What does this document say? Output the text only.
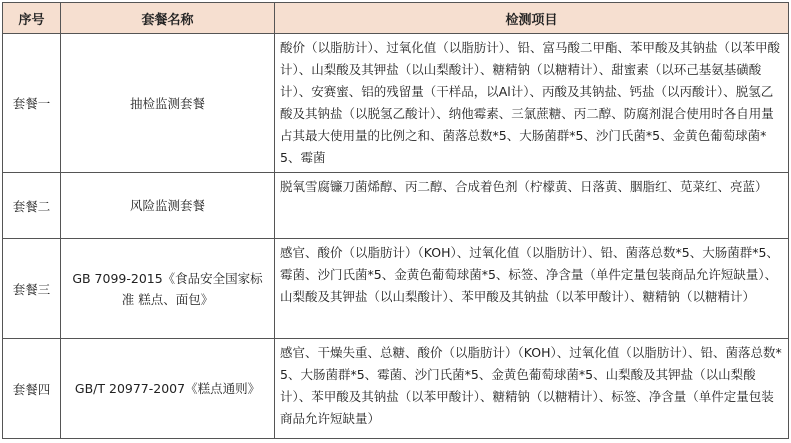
序号	套餐名称	检测项目
套餐一	抽检监测套餐	酸价（以脂肪计）、过氧化值（以脂肪计）、铅、富马酸二甲酯、苯甲酸及其钠盐（以苯甲酸计）、山梨酸及其钾盐（以山梨酸计）、糖精钠（以糖精计）、甜蜜素（以环己基氨基磺酸计）、安赛蜜、铝的残留量（干样品，以Al计）、丙酸及其钠盐、钙盐（以丙酸计）、脱氢乙酸及其钠盐（以脱氢乙酸计）、纳他霉素、三氯蔗糖、丙二醇、防腐剂混合使用时各自用量占其最大使用量的比例之和、菌落总数*5、大肠菌群*5、沙门氏菌*5、金黄色葡萄球菌*5、霉菌
套餐二	风险监测套餐	脱氧雪腐镰刀菌烯醇、丙二醇、合成着色剂（柠檬黄、日落黄、胭脂红、苋菜红、亮蓝）
套餐三	GB 7099-2015《食品安全国家标准 糕点、面包》	感官、酸价（以脂肪计）（KOH）、过氧化值（以脂肪计）、铅、菌落总数*5、大肠菌群*5、霉菌、沙门氏菌*5、金黄色葡萄球菌*5、标签、净含量（单件定量包装商品允许短缺量）、山梨酸及其钾盐（以山梨酸计）、苯甲酸及其钠盐（以苯甲酸计）、糖精钠（以糖精计）
套餐四	GB/T 20977-2007《糕点通则》	感官、干燥失重、总糖、酸价（以脂肪计）（KOH）、过氧化值（以脂肪计）、铅、菌落总数*5、大肠菌群*5、霉菌、沙门氏菌*5、金黄色葡萄球菌*5、山梨酸及其钾盐（以山梨酸计）、苯甲酸及其钠盐（以苯甲酸计）、糖精钠（以糖精计）、标签、净含量（单件定量包装商品允许短缺量）
